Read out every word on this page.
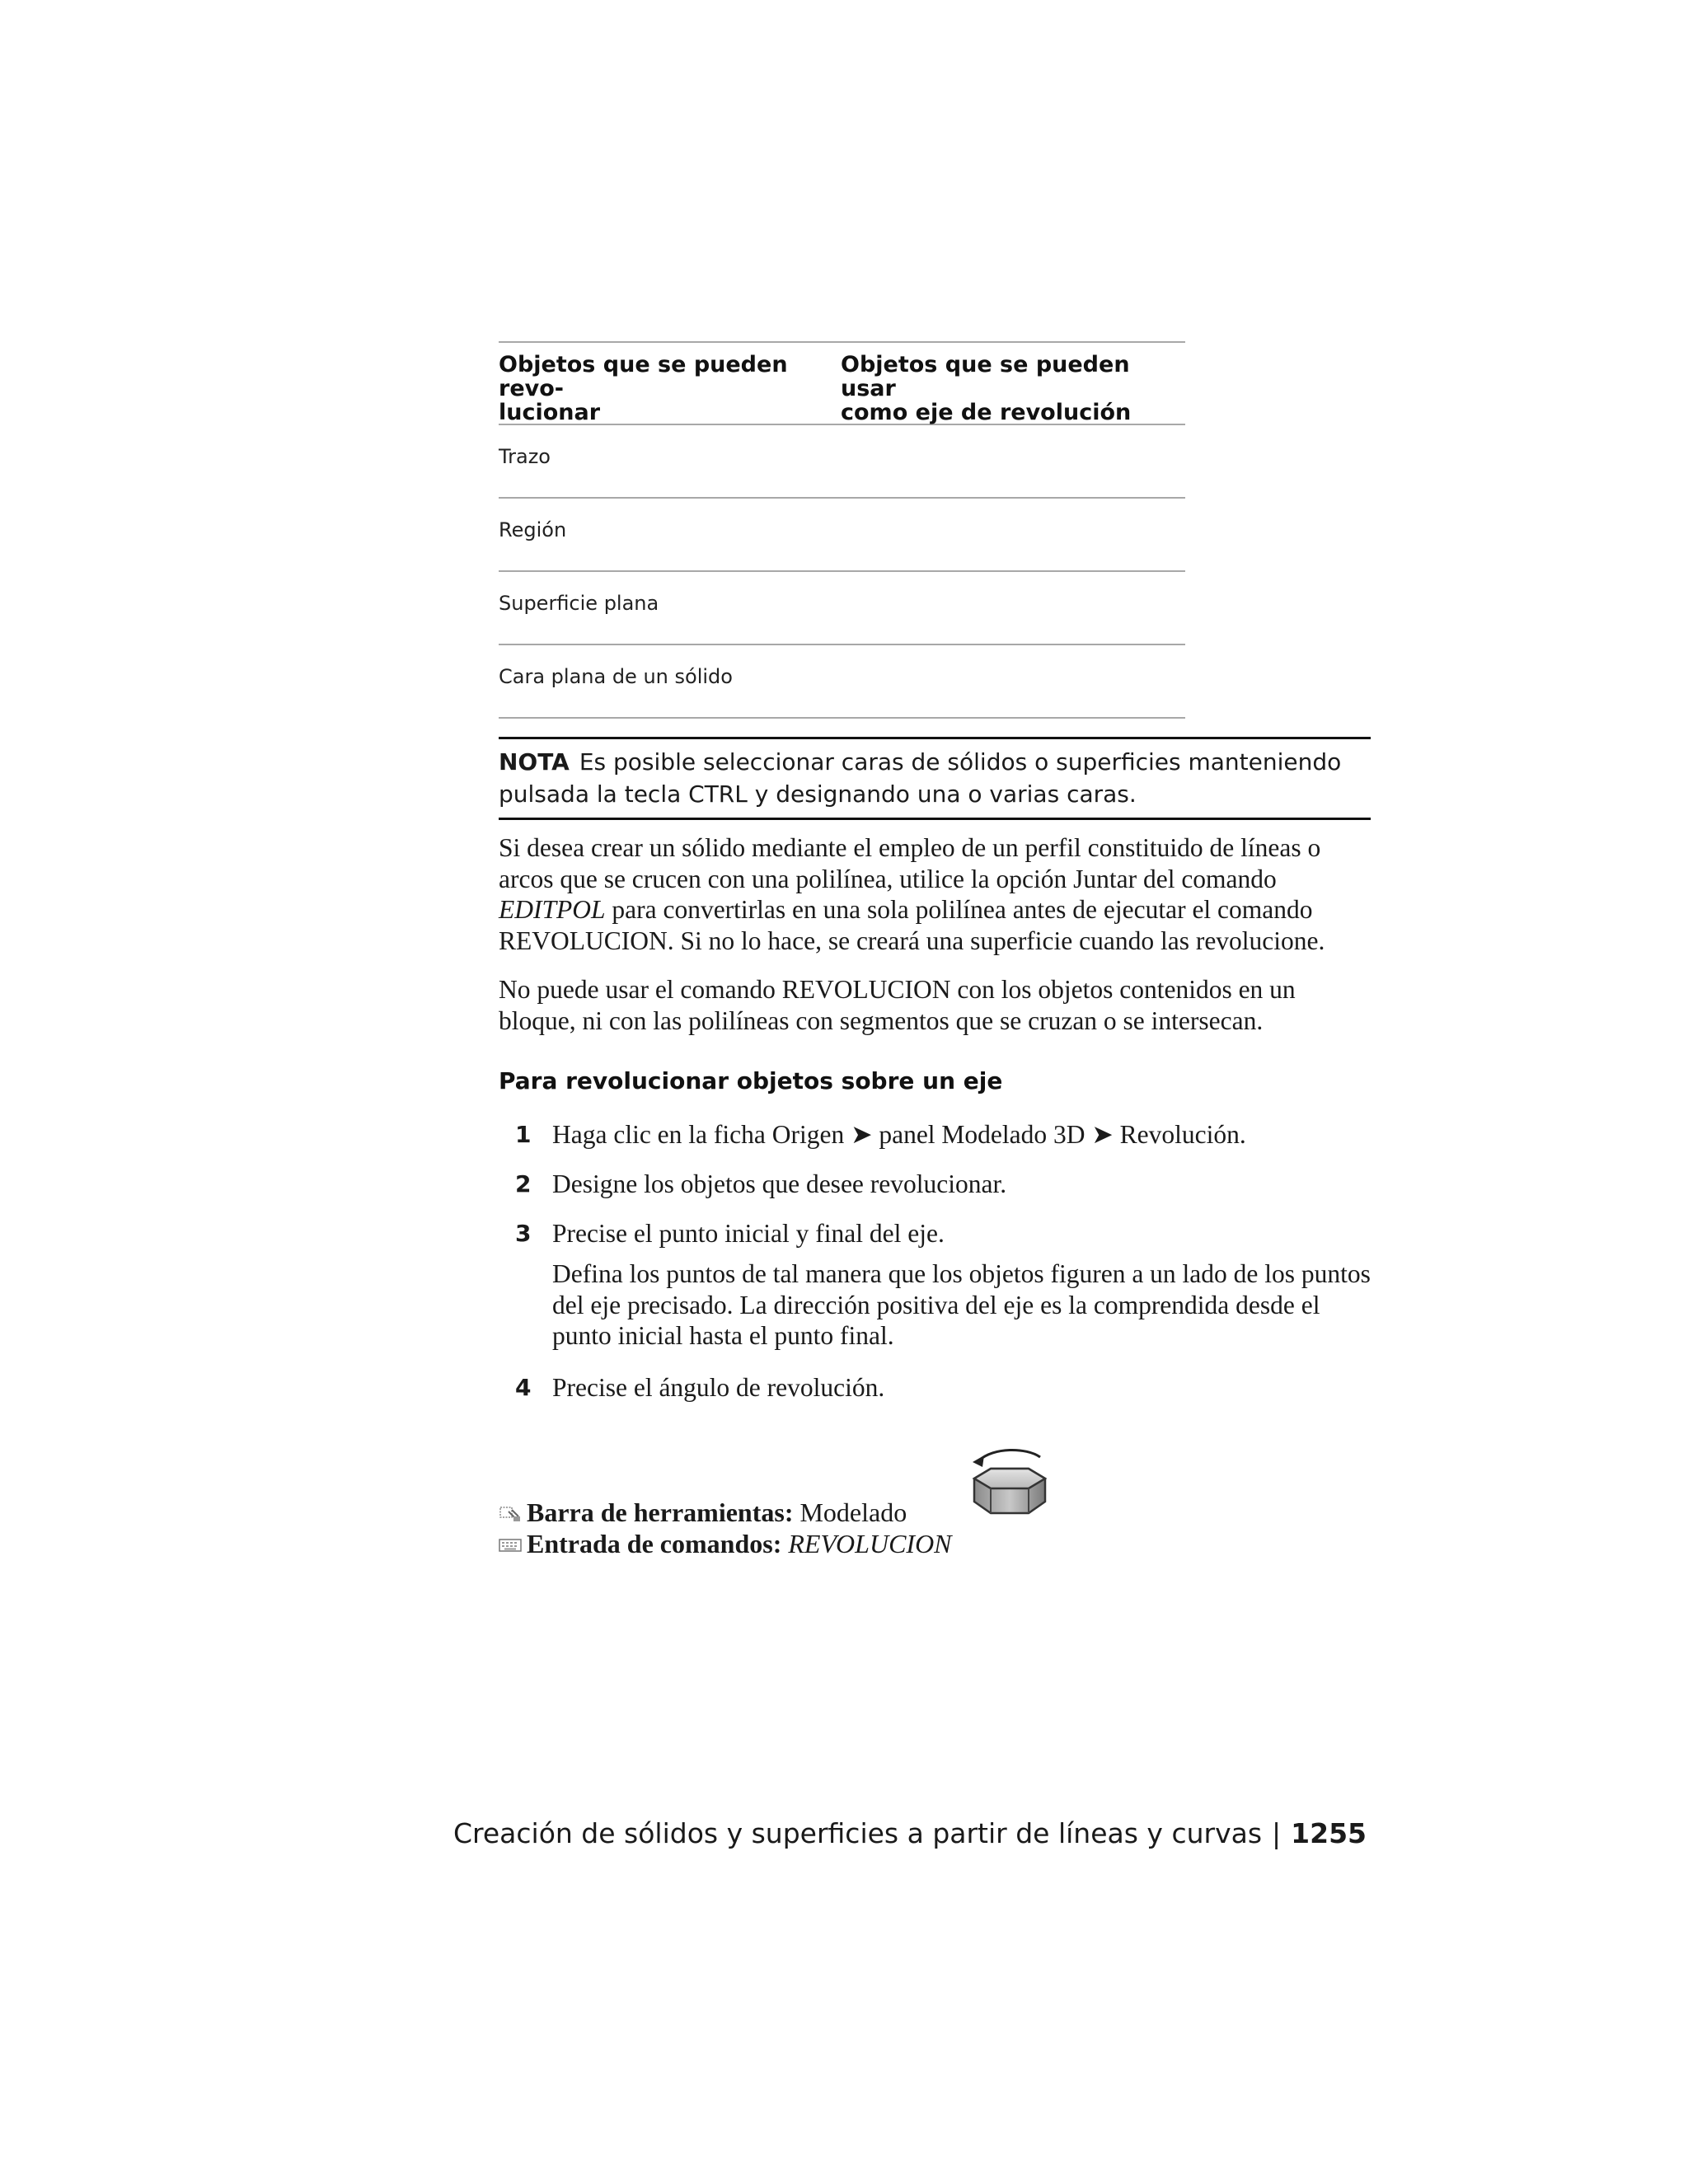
Objetos que se pueden revo-
lucionar
Objetos que se pueden usar
como eje de revolución
Trazo
Región
Superficie plana
Cara plana de un sólido

NOTA Es posible seleccionar caras de sólidos o superficies manteniendo pulsada la tecla CTRL y designando una o varias caras.

Si desea crear un sólido mediante el empleo de un perfil constituido de líneas o arcos que se crucen con una polilínea, utilice la opción Juntar del comando EDITPOL para convertirlas en una sola polilínea antes de ejecutar el comando REVOLUCION. Si no lo hace, se creará una superficie cuando las revolucione.

No puede usar el comando REVOLUCION con los objetos contenidos en un bloque, ni con las polilíneas con segmentos que se cruzan o se intersecan.

Para revolucionar objetos sobre un eje

1 Haga clic en la ficha Origen ➤ panel Modelado 3D ➤ Revolución.
2 Designe los objetos que desee revolucionar.
3 Precise el punto inicial y final del eje.
Defina los puntos de tal manera que los objetos figuren a un lado de los puntos del eje precisado. La dirección positiva del eje es la comprendida desde el punto inicial hasta el punto final.
4 Precise el ángulo de revolución.
Barra de herramientas: Modelado
Entrada de comandos: REVOLUCION
Creación de sólidos y superficies a partir de líneas y curvas | 1255
